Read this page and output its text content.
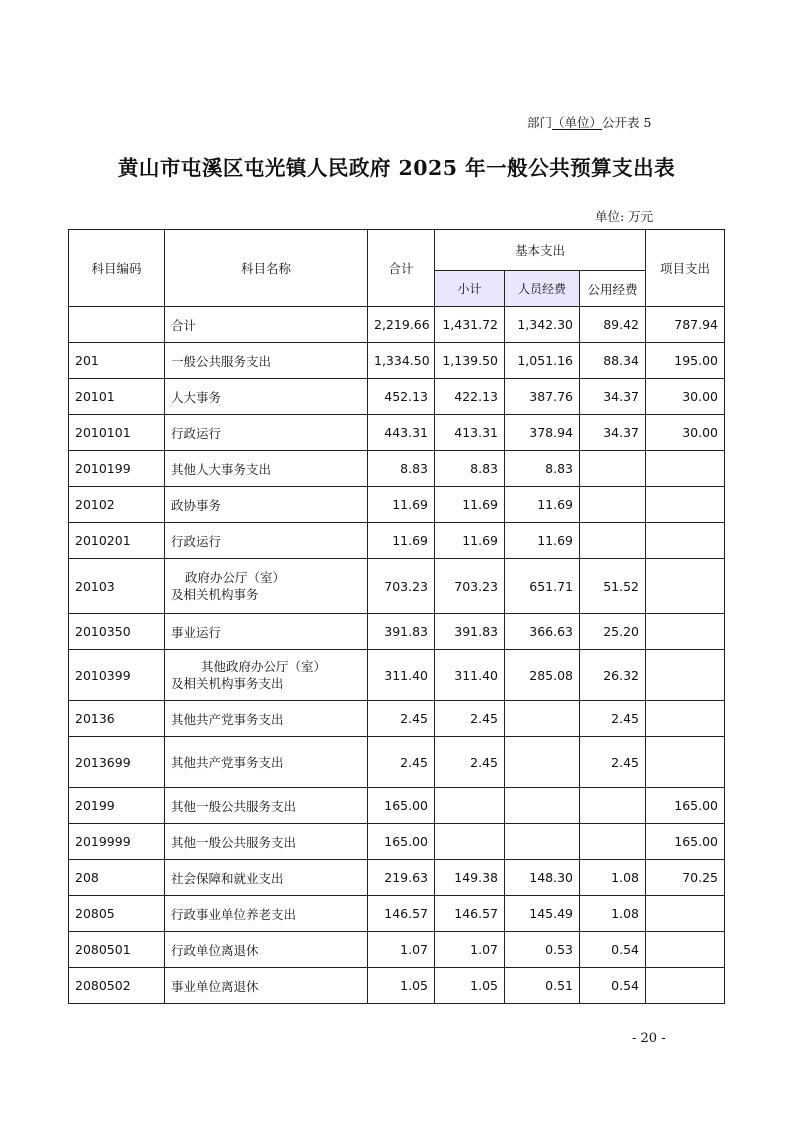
部门（单位）公开表 5
黄山市屯溪区屯光镇人民政府 2025 年一般公共预算支出表
单位: 万元
科目编码	科目名称	合计	基本支出			项目支出
			小计	人员经费	公用经费	
	合计	2,219.66	1,431.72	1,342.30	89.42	787.94
201	一般公共服务支出	1,334.50	1,139.50	1,051.16	88.34	195.00
20101	人大事务	452.13	422.13	387.76	34.37	30.00
2010101	行政运行	443.31	413.31	378.94	34.37	30.00
2010199	其他人大事务支出	8.83	8.83	8.83		
20102	政协事务	11.69	11.69	11.69		
2010201	行政运行	11.69	11.69	11.69		
20103	政府办公厅（室）
及相关机构事务	703.23	703.23	651.71	51.52	
2010350	事业运行	391.83	391.83	366.63	25.20	
2010399	其他政府办公厅（室）
及相关机构事务支出	311.40	311.40	285.08	26.32	
20136	其他共产党事务支出	2.45	2.45		2.45	
2013699	其他共产党事务支出	2.45	2.45		2.45	
20199	其他一般公共服务支出	165.00				165.00
2019999	其他一般公共服务支出	165.00				165.00
208	社会保障和就业支出	219.63	149.38	148.30	1.08	70.25
20805	行政事业单位养老支出	146.57	146.57	145.49	1.08	
2080501	行政单位离退休	1.07	1.07	0.53	0.54	
2080502	事业单位离退休	1.05	1.05	0.51	0.54	
- 20 -
